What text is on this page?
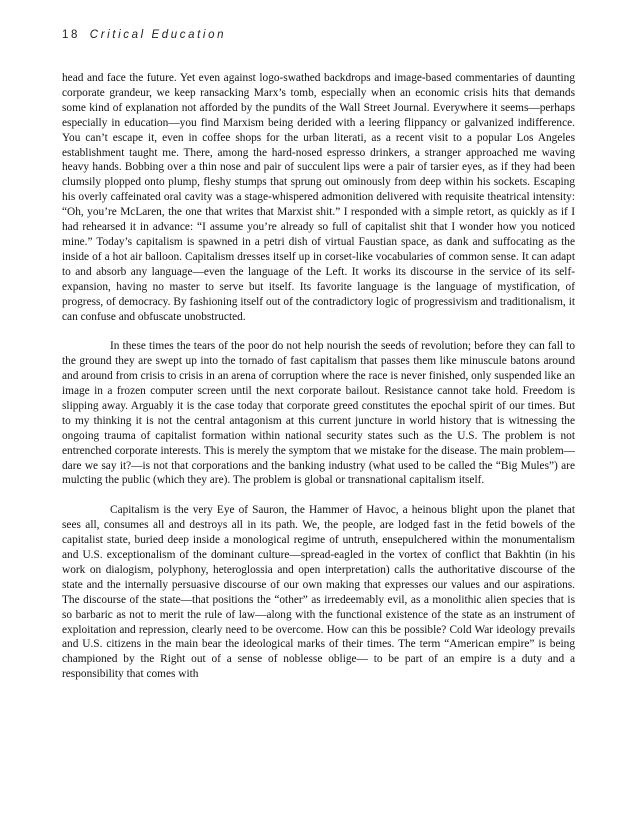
18 Critical Education

head and face the future. Yet even against logo-swathed backdrops and image-based commentaries of daunting corporate grandeur, we keep ransacking Marx’s tomb, especially when an economic crisis hits that demands some kind of explanation not afforded by the pundits of the Wall Street Journal. Everywhere it seems—perhaps especially in education—you find Marxism being derided with a leering flippancy or galvanized indifference. You can’t escape it, even in coffee shops for the urban literati, as a recent visit to a popular Los Angeles establishment taught me. There, among the hard-nosed espresso drinkers, a stranger approached me waving heavy hands. Bobbing over a thin nose and pair of succulent lips were a pair of tarsier eyes, as if they had been clumsily plopped onto plump, fleshy stumps that sprung out ominously from deep within his sockets. Escaping his overly caffeinated oral cavity was a stage-whispered admonition delivered with requisite theatrical intensity: “Oh, you’re McLaren, the one that writes that Marxist shit.” I responded with a simple retort, as quickly as if I had rehearsed it in advance: “I assume you’re already so full of capitalist shit that I wonder how you noticed mine.” Today’s capitalism is spawned in a petri dish of virtual Faustian space, as dank and suffocating as the inside of a hot air balloon. Capitalism dresses itself up in corset-like vocabularies of common sense. It can adapt to and absorb any language—even the language of the Left. It works its discourse in the service of its self-expansion, having no master to serve but itself. Its favorite language is the language of mystification, of progress, of democracy. By fashioning itself out of the contradictory logic of progressivism and traditionalism, it can confuse and obfuscate unobstructed.

In these times the tears of the poor do not help nourish the seeds of revolution; before they can fall to the ground they are swept up into the tornado of fast capitalism that passes them like minuscule batons around and around from crisis to crisis in an arena of corruption where the race is never finished, only suspended like an image in a frozen computer screen until the next corporate bailout. Resistance cannot take hold. Freedom is slipping away. Arguably it is the case today that corporate greed constitutes the epochal spirit of our times. But to my thinking it is not the central antagonism at this current juncture in world history that is witnessing the ongoing trauma of capitalist formation within national security states such as the U.S. The problem is not entrenched corporate interests. This is merely the symptom that we mistake for the disease. The main problem—dare we say it?—is not that corporations and the banking industry (what used to be called the “Big Mules”) are mulcting the public (which they are). The problem is global or transnational capitalism itself.

Capitalism is the very Eye of Sauron, the Hammer of Havoc, a heinous blight upon the planet that sees all, consumes all and destroys all in its path. We, the people, are lodged fast in the fetid bowels of the capitalist state, buried deep inside a monological regime of untruth, ensepulchered within the monumentalism and U.S. exceptionalism of the dominant culture—spread-eagled in the vortex of conflict that Bakhtin (in his work on dialogism, polyphony, heteroglossia and open interpretation) calls the authoritative discourse of the state and the internally persuasive discourse of our own making that expresses our values and our aspirations. The discourse of the state—that positions the “other” as irredeemably evil, as a monolithic alien species that is so barbaric as not to merit the rule of law—along with the functional existence of the state as an instrument of exploitation and repression, clearly need to be overcome. How can this be possible? Cold War ideology prevails and U.S. citizens in the main bear the ideological marks of their times. The term “American empire” is being championed by the Right out of a sense of noblesse oblige— to be part of an empire is a duty and a responsibility that comes with
